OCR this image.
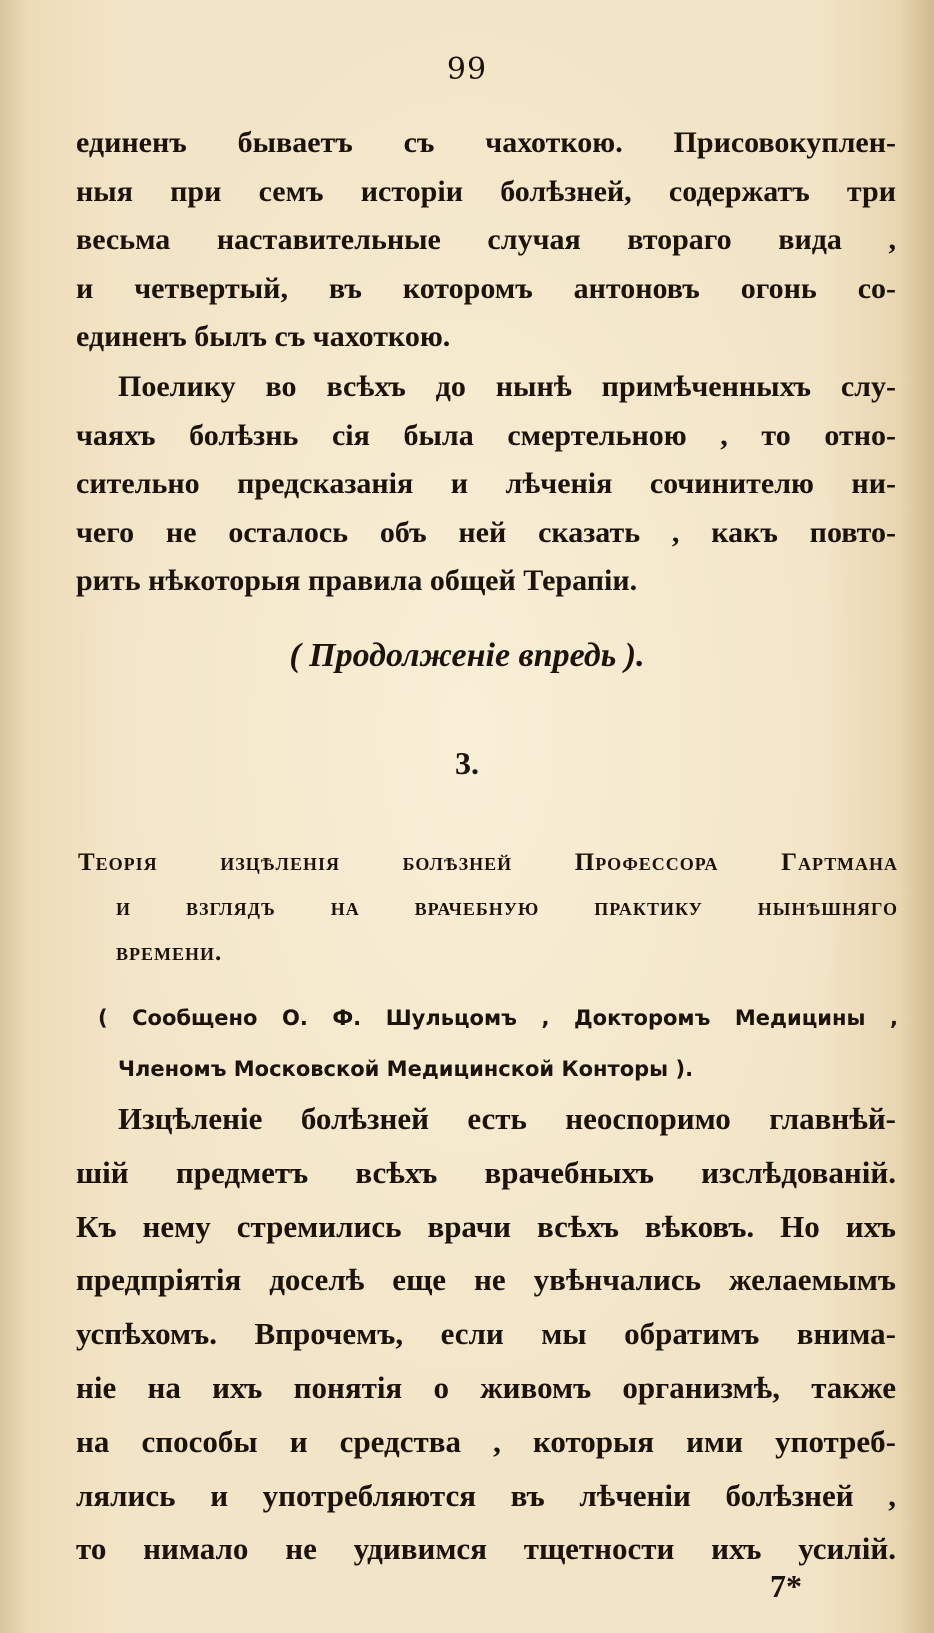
99

единенъ бываетъ съ чахоткою. Присовокуплен-
ныя при семъ исторіи болѣзней, содержатъ три
весьма наставительные случая втораго вида ,
и четвертый, въ которомъ антоновъ огонь со-
единенъ былъ съ чахоткою.

Поелику во всѣхъ до нынѣ примѣченныхъ слу-
чаяхъ болѣзнь сія была смертельною , то отно-
сительно предсказанія и лѣченія сочинителю ни-
чего не осталось объ ней сказать , какъ повто-
рить нѣкоторыя правила общей Терапіи.

( Продолженіе впредь ).
3.
Теорія изцѣленія болѣзней Профессора Гартмана
и взглядъ на врачебную практику нынѣшняго
времени.
( Сообщено О. Ф. Шульцомъ , Докторомъ Медицины ,
Членомъ Московской Медицинской Конторы ).

Изцѣленіе болѣзней есть неоспоримо главнѣй-
шій предметъ всѣхъ врачебныхъ изслѣдованій.
Къ нему стремились врачи всѣхъ вѣковъ. Но ихъ
предпріятія доселѣ еще не увѣнчались желаемымъ
успѣхомъ. Впрочемъ, если мы обратимъ внима-
ніе на ихъ понятія о живомъ организмѣ, также
на способы и средства , которыя ими употреб-
лялись и употребляются въ лѣченіи болѣзней ,
то нимало не удивимся тщетности ихъ усилій.

7*
